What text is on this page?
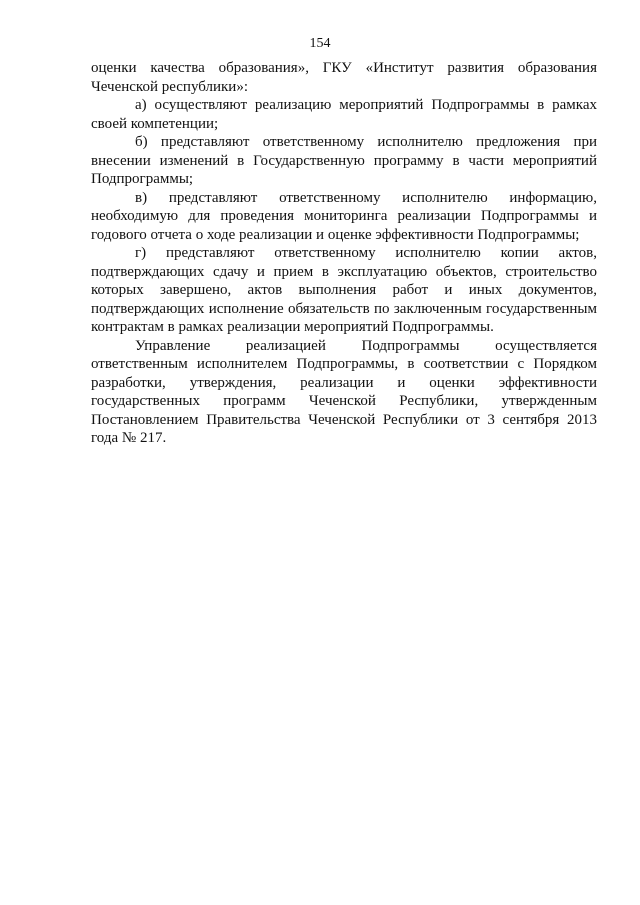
154

оценки качества образования», ГКУ «Институт развития образования Чеченской республики»:

а) осуществляют реализацию мероприятий Подпрограммы в рамках своей компетенции;

б) представляют ответственному исполнителю предложения при внесении изменений в Государственную программу в части мероприятий Подпрограммы;

в) представляют ответственному исполнителю информацию, необходимую для проведения мониторинга реализации Подпрограммы и годового отчета о ходе реализации и оценке эффективности Подпрограммы;

г) представляют ответственному исполнителю копии актов, подтверждающих сдачу и прием в эксплуатацию объектов, строительство которых завершено, актов выполнения работ и иных документов, подтверждающих исполнение обязательств по заключенным государственным контрактам в рамках реализации мероприятий Подпрограммы.

Управление реализацией Подпрограммы осуществляется ответственным исполнителем Подпрограммы, в соответствии с Порядком разработки, утверждения, реализации и оценки эффективности государственных программ Чеченской Республики, утвержденным Постановлением Правительства Чеченской Республики от 3 сентября 2013 года № 217.
